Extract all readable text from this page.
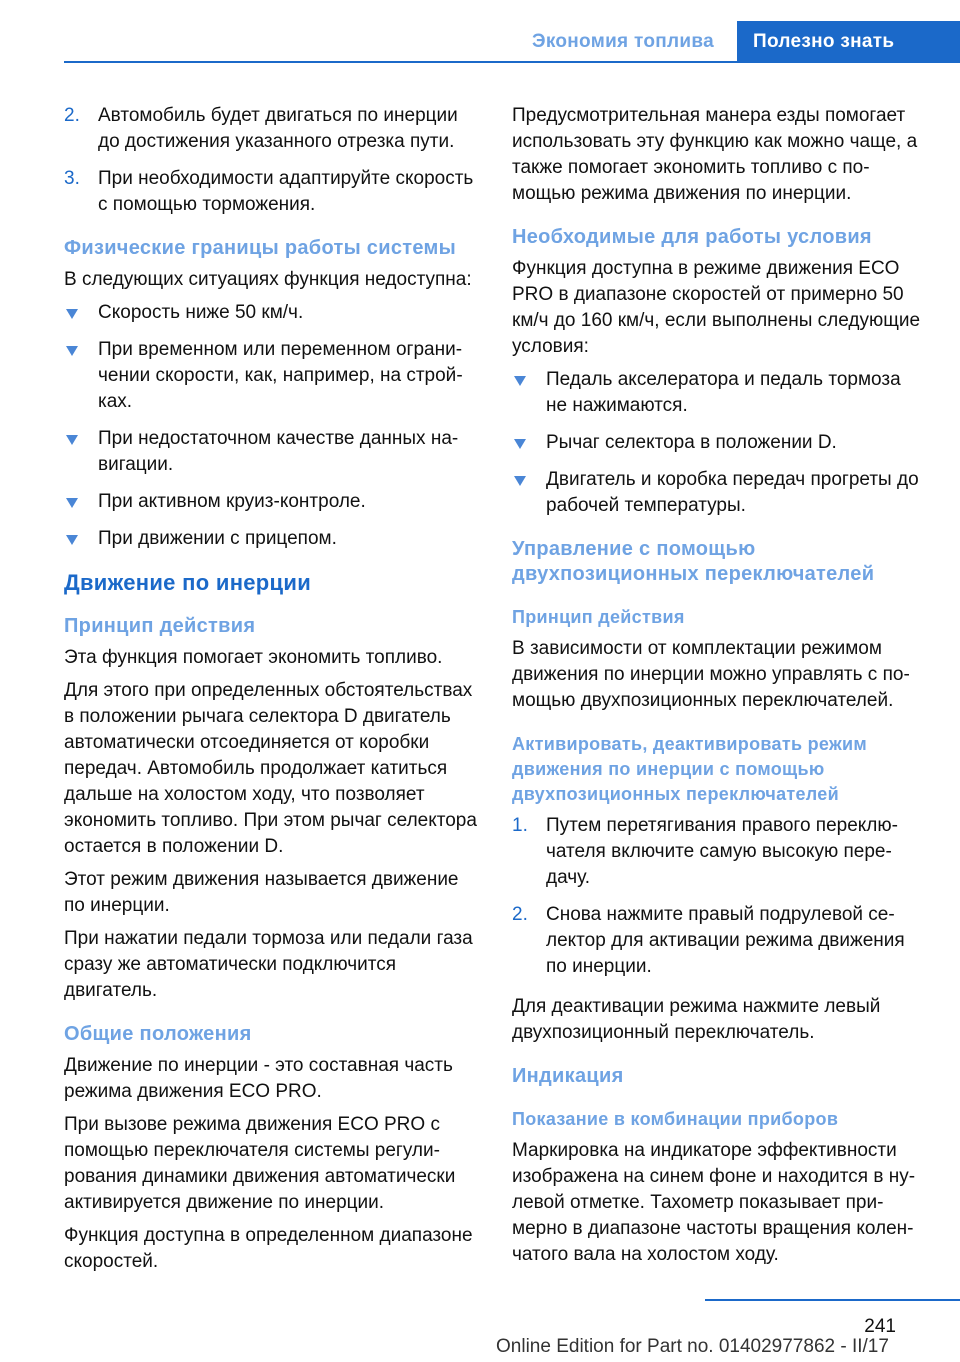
Экономия топлива	Полезно знать
2. Автомобиль будет двигаться по инерции до достижения указанного отрезка пути.
3. При необходимости адаптируйте скорость с помощью торможения.
Физические границы работы системы

В следующих ситуациях функция недоступна:

Скорость ниже 50 км/ч.
При временном или переменном ограничении скорости, как, например, на стройках.
При недостаточном качестве данных навигации.
При активном круиз-контроле.
При движении с прицепом.
Движение по инерции
Принцип действия

Эта функция помогает экономить топливо.

Для этого при определенных обстоятельствах в положении рычага селектора D двигатель автоматически отсоединяется от коробки передач. Автомобиль продолжает катиться дальше на холостом ходу, что позволяет экономить топливо. При этом рычаг селектора остается в положении D.

Этот режим движения называется движение по инерции.

При нажатии педали тормоза или педали газа сразу же автоматически подключится двигатель.

Общие положения

Движение по инерции - это составная часть режима движения ECO PRO.

При вызове режима движения ECO PRO с помощью переключателя системы регулирования динамики движения автоматически активируется движение по инерции.

Функция доступна в определенном диапазоне скоростей.

Предусмотрительная манера езды помогает использовать эту функцию как можно чаще, а также помогает экономить топливо с помощью режима движения по инерции.

Необходимые для работы условия

Функция доступна в режиме движения ECO PRO в диапазоне скоростей от примерно 50 км/ч до 160 км/ч, если выполнены следующие условия:

Педаль акселератора и педаль тормоза не нажимаются.
Рычаг селектора в положении D.
Двигатель и коробка передач прогреты до рабочей температуры.
Управление с помощью двухпозиционных переключателей
Принцип действия

В зависимости от комплектации режимом движения по инерции можно управлять с помощью двухпозиционных переключателей.

Активировать, деактивировать режим движения по инерции с помощью двухпозиционных переключателей
1. Путем перетягивания правого переключателя включите самую высокую передачу.
2. Снова нажмите правый подрулевой селектор для активации режима движения по инерции.

Для деактивации режима нажмите левый двухпозиционный переключатель.

Индикация
Показание в комбинации приборов

Маркировка на индикаторе эффективности изображена на синем фоне и находится в нулевой отметке. Тахометр показывает примерно в диапазоне частоты вращения коленчатого вала на холостом ходу.

241
Online Edition for Part no. 01402977862 - II/17
